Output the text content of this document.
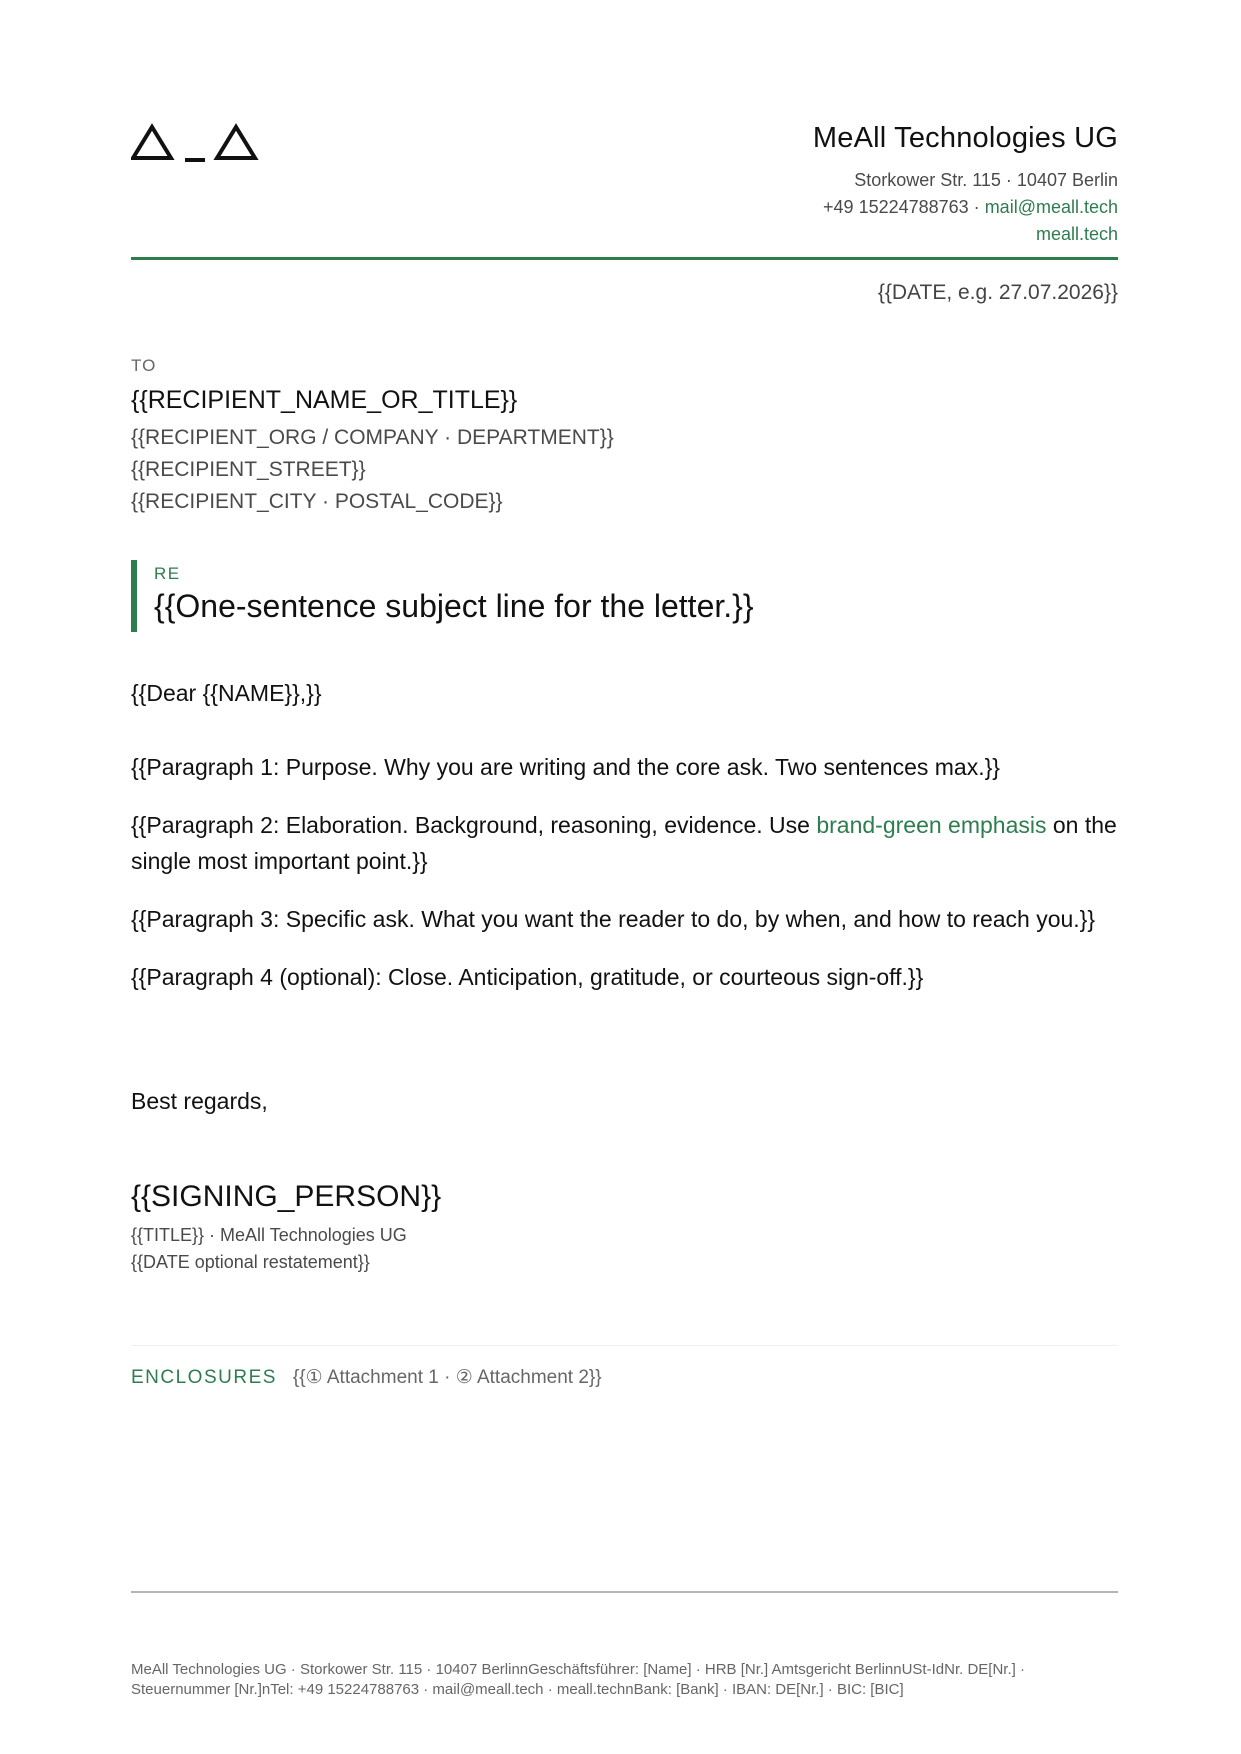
MeAll Technologies UG
Storkower Str. 115 · 10407 Berlin
+49 15224788763 · mail@meall.tech
meall.tech
{{DATE, e.g. 27.07.2026}}
TO
{{RECIPIENT_NAME_OR_TITLE}}
{{RECIPIENT_ORG / COMPANY · DEPARTMENT}}
{{RECIPIENT_STREET}}
{{RECIPIENT_CITY · POSTAL_CODE}}
RE
{{One-sentence subject line for the letter.}}
{{Dear {{NAME}},}}

{{Paragraph 1: Purpose. Why you are writing and the core ask. Two sentences max.}}

{{Paragraph 2: Elaboration. Background, reasoning, evidence. Use brand-green emphasis on the single most important point.}}

{{Paragraph 3: Specific ask. What you want the reader to do, by when, and how to reach you.}}

{{Paragraph 4 (optional): Close. Anticipation, gratitude, or courteous sign-off.}}

Best regards,
{{SIGNING_PERSON}}
{{TITLE}} · MeAll Technologies UG
{{DATE optional restatement}}
ENCLOSURES {{① Attachment 1 · ② Attachment 2}}
MeAll Technologies UG · Storkower Str. 115 · 10407 BerlinnGeschäftsführer: [Name] · HRB [Nr.] Amtsgericht BerlinnUSt-IdNr. DE[Nr.] ·
Steuernummer [Nr.]nTel: +49 15224788763 · mail@meall.tech · meall.technBank: [Bank] · IBAN: DE[Nr.] · BIC: [BIC]
